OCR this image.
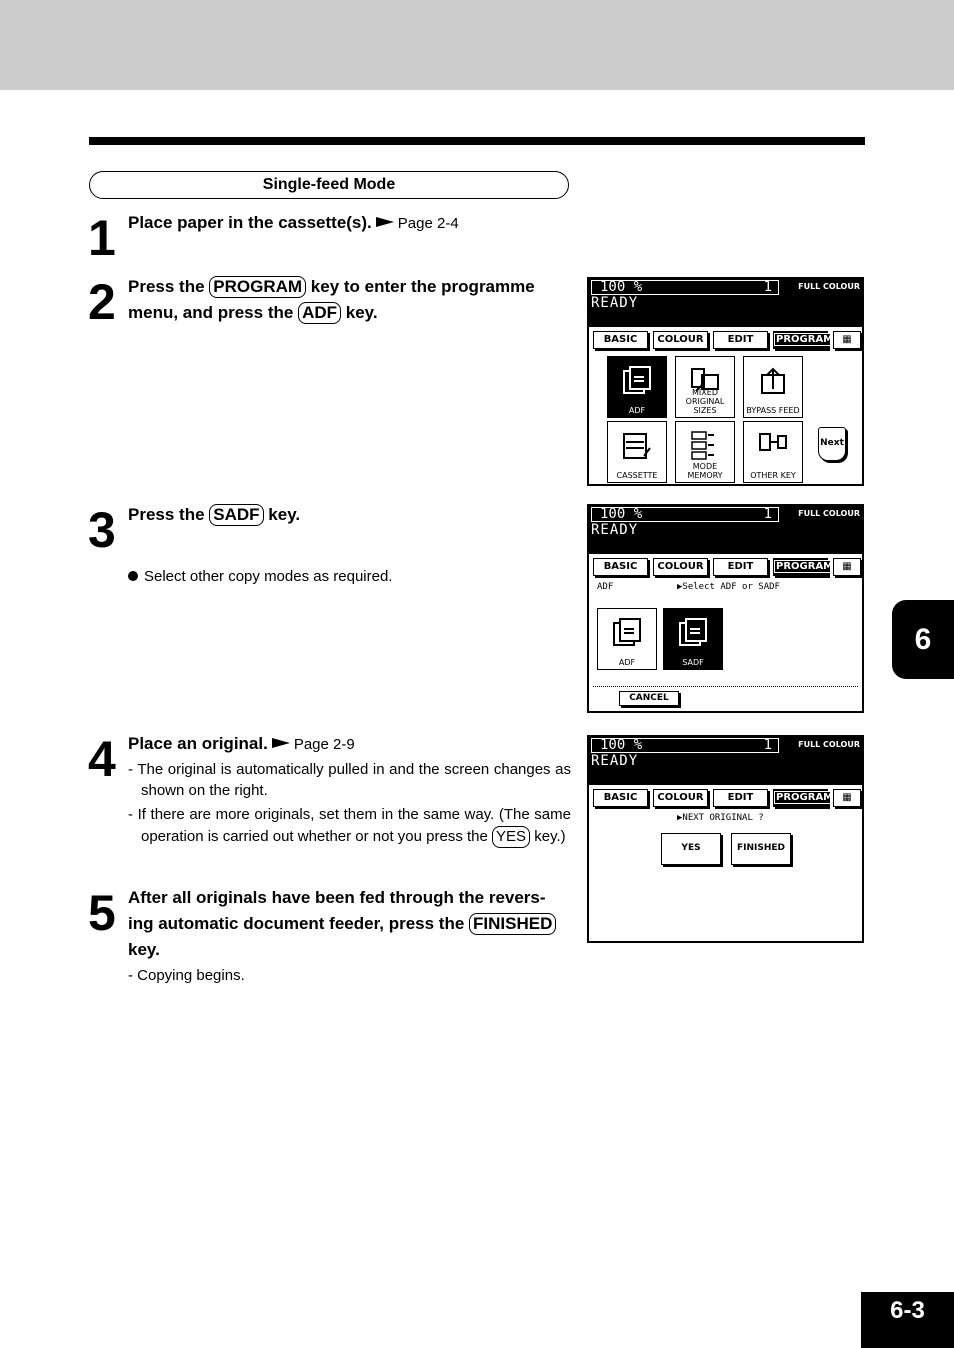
Single-feed Mode
1 Place paper in the cassette(s). Page 2-4
2 Press the PROGRAM key to enter the programme menu, and press the ADF key.
100 %	1	FULL COLOUR
READY
BASIC	COLOUR	EDIT	PROGRAM ▦
ADF
MIXED
ORIGINAL SIZES	BYPASS FEED
CASSETTE
MODE MEMORY	OTHER KEY
Next
3 Press the SADF key.
Select other copy modes as required.
100 %	1	FULL COLOUR
READY
BASIC	COLOUR	EDIT	PROGRAM ▦
ADF	▶Select ADF or SADF
ADF	SADF
CANCEL
4 Place an original. Page 2-9
- The original is automatically pulled in and the screen changes as shown on the right.
- If there are more originals, set them in the same way. (The same operation is carried out whether or not you press the YES key.)
100 %	1	FULL COLOUR
READY
BASIC	COLOUR	EDIT	PROGRAM ▦
▶NEXT ORIGINAL ?
YES	FINISHED
5 After all originals have been fed through the revers-ing automatic document feeder, press the FINISHED key.
- Copying begins.
6
6-3
